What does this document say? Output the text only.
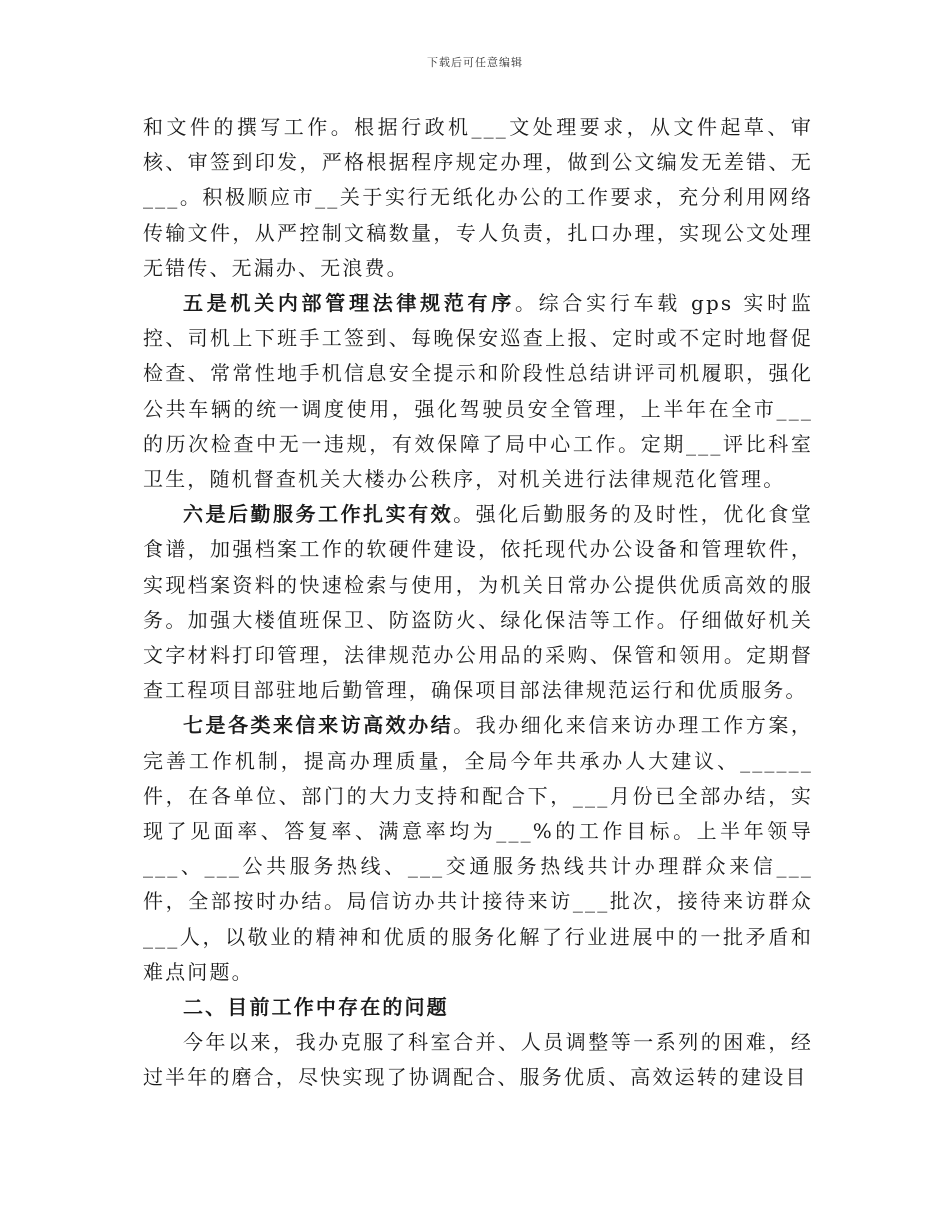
下载后可任意编辑

和文件的撰写工作。根据行政机___文处理要求，从文件起草、审核、审签到印发，严格根据程序规定办理，做到公文编发无差错、无___。积极顺应市__关于实行无纸化办公的工作要求，充分利用网络传输文件，从严控制文稿数量，专人负责，扎口办理，实现公文处理无错传、无漏办、无浪费。

五是机关内部管理法律规范有序。综合实行车载 gps 实时监控、司机上下班手工签到、每晚保安巡查上报、定时或不定时地督促检查、常常性地手机信息安全提示和阶段性总结讲评司机履职，强化公共车辆的统一调度使用，强化驾驶员安全管理，上半年在全市___的历次检查中无一违规，有效保障了局中心工作。定期___评比科室卫生，随机督查机关大楼办公秩序，对机关进行法律规范化管理。

六是后勤服务工作扎实有效。强化后勤服务的及时性，优化食堂食谱，加强档案工作的软硬件建设，依托现代办公设备和管理软件，实现档案资料的快速检索与使用，为机关日常办公提供优质高效的服务。加强大楼值班保卫、防盗防火、绿化保洁等工作。仔细做好机关文字材料打印管理，法律规范办公用品的采购、保管和领用。定期督查工程项目部驻地后勤管理，确保项目部法律规范运行和优质服务。

七是各类来信来访高效办结。我办细化来信来访办理工作方案，完善工作机制，提高办理质量，全局今年共承办人大建议、______件，在各单位、部门的大力支持和配合下，___月份已全部办结，实现了见面率、答复率、满意率均为___%的工作目标。上半年领导___、___公共服务热线、___交通服务热线共计办理群众来信___件，全部按时办结。局信访办共计接待来访___批次，接待来访群众___人，以敬业的精神和优质的服务化解了行业进展中的一批矛盾和难点问题。

二、目前工作中存在的问题

今年以来，我办克服了科室合并、人员调整等一系列的困难，经过半年的磨合，尽快实现了协调配合、服务优质、高效运转的建设目
